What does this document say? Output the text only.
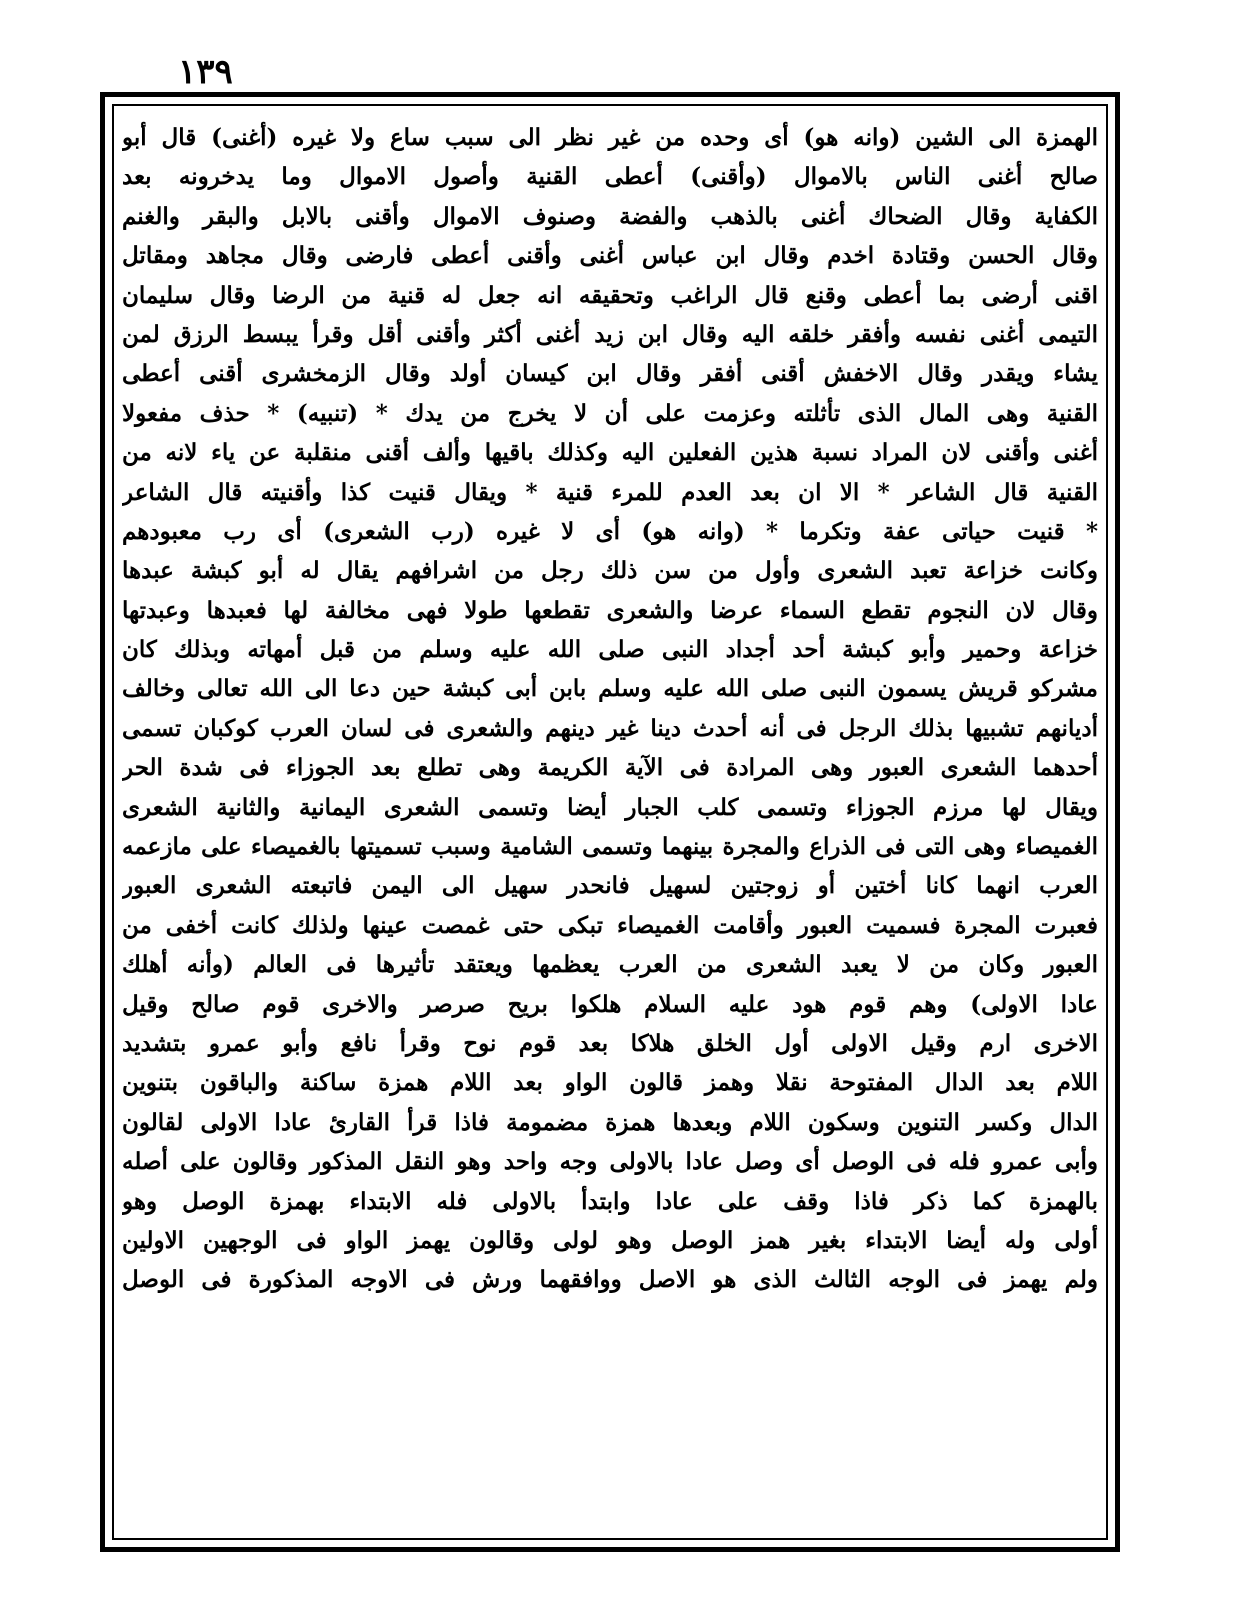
١٣٩
الهمزة الى الشين (وانه هو) أى وحده من غير نظر الى سبب ساع ولا غيره (أغنى) قال أبو
صالح أغنى الناس بالاموال (وأقنى) أعطى القنية وأصول الاموال وما يدخرونه بعد
الكفاية وقال الضحاك أغنى بالذهب والفضة وصنوف الاموال وأقنى بالابل والبقر والغنم
وقال الحسن وقتادة اخدم وقال ابن عباس أغنى وأقنى أعطى فارضى وقال مجاهد ومقاتل
اقنى أرضى بما أعطى وقنع قال الراغب وتحقيقه انه جعل له قنية من الرضا وقال سليمان
التيمى أغنى نفسه وأفقر خلقه اليه وقال ابن زيد أغنى أكثر وأقنى أقل وقرأ يبسط الرزق لمن
يشاء ويقدر وقال الاخفش أقنى أفقر وقال ابن كيسان أولد وقال الزمخشرى أقنى أعطى
القنية وهى المال الذى تأثلته وعزمت على أن لا يخرج من يدك * (تنبيه) * حذف مفعولا
أغنى وأقنى لان المراد نسبة هذين الفعلين اليه وكذلك باقيها وألف أقنى منقلبة عن ياء لانه من
القنية قال الشاعر * الا ان بعد العدم للمرء قنية * ويقال قنيت كذا وأقنيته قال الشاعر
* قنيت حياتى عفة وتكرما * (وانه هو) أى لا غيره (رب الشعرى) أى رب معبودهم
وكانت خزاعة تعبد الشعرى وأول من سن ذلك رجل من اشرافهم يقال له أبو كبشة عبدها
وقال لان النجوم تقطع السماء عرضا والشعرى تقطعها طولا فهى مخالفة لها فعبدها وعبدتها
خزاعة وحمير وأبو كبشة أحد أجداد النبى صلى الله عليه وسلم من قبل أمهاته وبذلك كان
مشركو قريش يسمون النبى صلى الله عليه وسلم بابن أبى كبشة حين دعا الى الله تعالى وخالف
أديانهم تشبيها بذلك الرجل فى أنه أحدث دينا غير دينهم والشعرى فى لسان العرب كوكبان تسمى
أحدهما الشعرى العبور وهى المرادة فى الآية الكريمة وهى تطلع بعد الجوزاء فى شدة الحر
ويقال لها مرزم الجوزاء وتسمى كلب الجبار أيضا وتسمى الشعرى اليمانية والثانية الشعرى
الغميصاء وهى التى فى الذراع والمجرة بينهما وتسمى الشامية وسبب تسميتها بالغميصاء على مازعمه
العرب انهما كانا أختين أو زوجتين لسهيل فانحدر سهيل الى اليمن فاتبعته الشعرى العبور
فعبرت المجرة فسميت العبور وأقامت الغميصاء تبكى حتى غمصت عينها ولذلك كانت أخفى من
العبور وكان من لا يعبد الشعرى من العرب يعظمها ويعتقد تأثيرها فى العالم (وأنه أهلك
عادا الاولى) وهم قوم هود عليه السلام هلكوا بريح صرصر والاخرى قوم صالح وقيل
الاخرى ارم وقيل الاولى أول الخلق هلاكا بعد قوم نوح وقرأ نافع وأبو عمرو بتشديد
اللام بعد الدال المفتوحة نقلا وهمز قالون الواو بعد اللام همزة ساكنة والباقون بتنوين
الدال وكسر التنوين وسكون اللام وبعدها همزة مضمومة فاذا قرأ القارئ عادا الاولى لقالون
وأبى عمرو فله فى الوصل أى وصل عادا بالاولى وجه واحد وهو النقل المذكور وقالون على أصله
بالهمزة كما ذكر فاذا وقف على عادا وابتدأ بالاولى فله الابتداء بهمزة الوصل وهو
أولى وله أيضا الابتداء بغير همز الوصل وهو لولى وقالون يهمز الواو فى الوجهين الاولين
ولم يهمز فى الوجه الثالث الذى هو الاصل ووافقهما ورش فى الاوجه المذكورة فى الوصل
